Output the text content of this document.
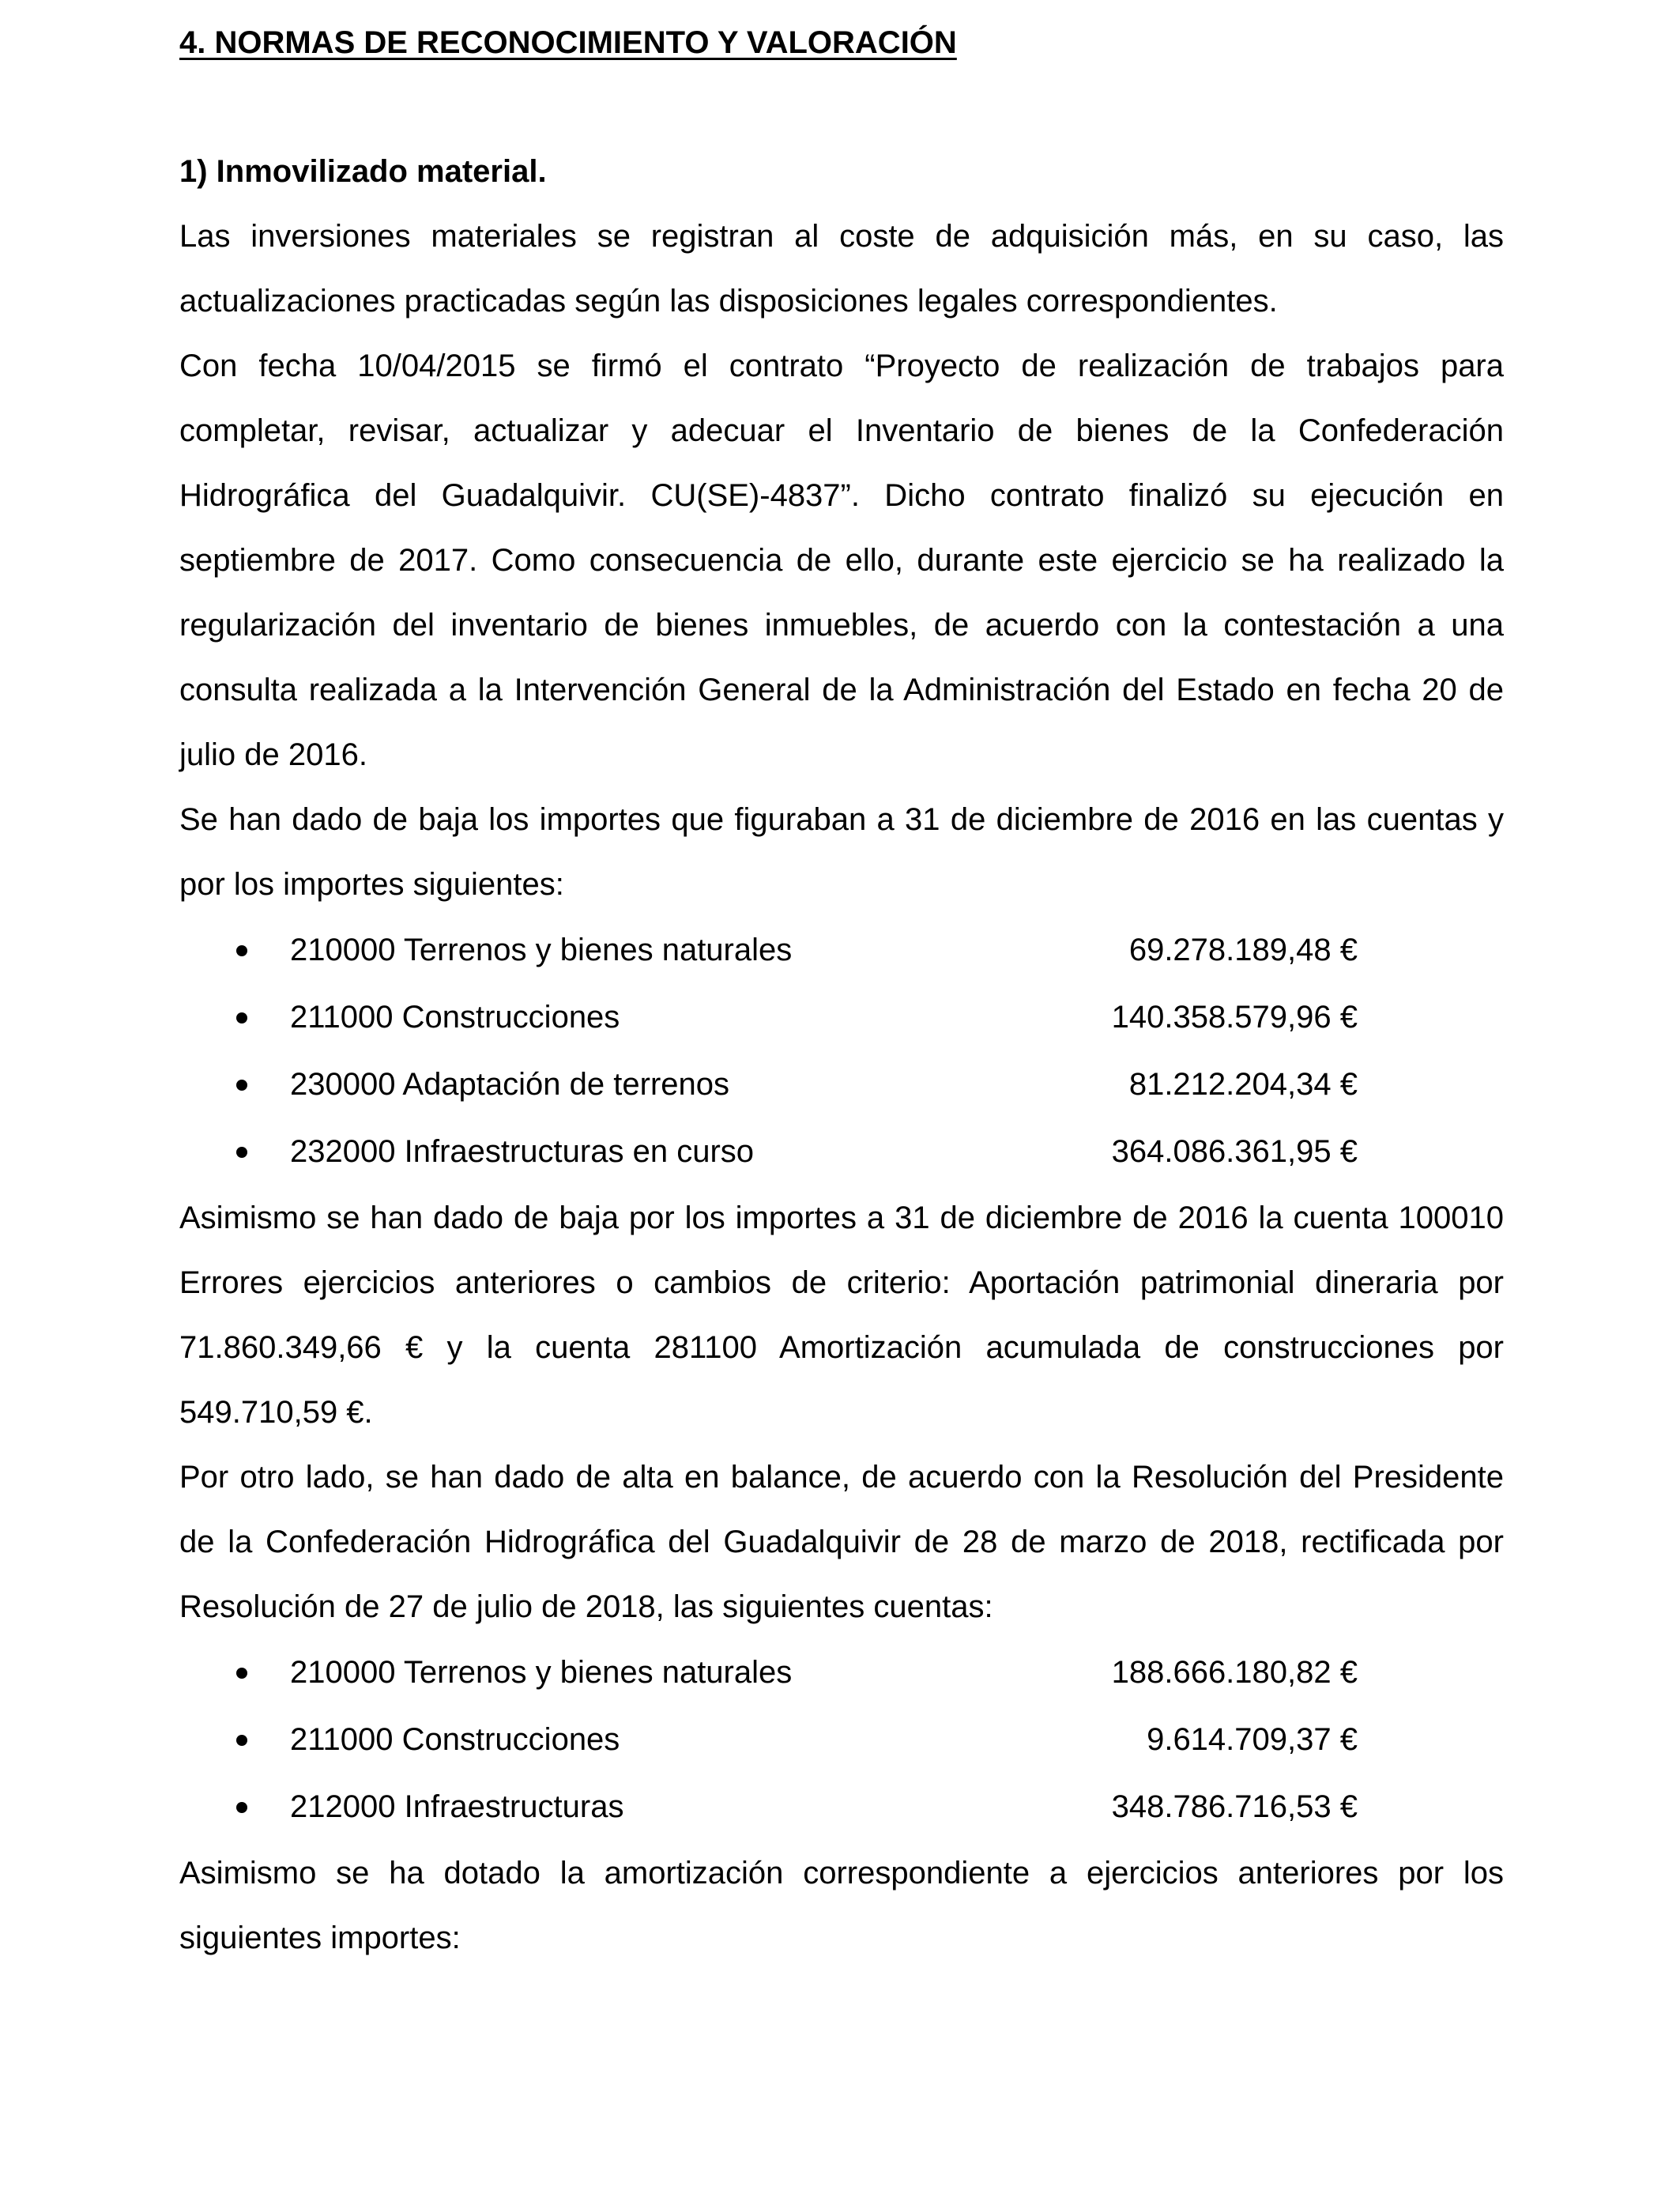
4. NORMAS DE RECONOCIMIENTO Y VALORACIÓN
1) Inmovilizado material.

Las inversiones materiales se registran al coste de adquisición más, en su caso, las actualizaciones practicadas según las disposiciones legales correspondientes.

Con fecha 10/04/2015 se firmó el contrato “Proyecto de realización de trabajos para completar, revisar, actualizar y adecuar el Inventario de bienes de la Confederación Hidrográfica del Guadalquivir. CU(SE)-4837”. Dicho contrato finalizó su ejecución en septiembre de 2017. Como consecuencia de ello, durante este ejercicio se ha realizado la regularización del inventario de bienes inmuebles, de acuerdo con la contestación a una consulta realizada a la Intervención General de la Administración del Estado en fecha 20 de julio de 2016.

Se han dado de baja los importes que figuraban a 31 de diciembre de 2016 en las cuentas y por los importes siguientes:

210000 Terrenos y bienes naturales	69.278.189,48 €
211000 Construcciones	140.358.579,96 €
230000 Adaptación de terrenos	81.212.204,34 €
232000 Infraestructuras en curso	364.086.361,95 €

Asimismo se han dado de baja por los importes a 31 de diciembre de 2016 la cuenta 100010 Errores ejercicios anteriores o cambios de criterio: Aportación patrimonial dineraria por 71.860.349,66 € y la cuenta 281100 Amortización acumulada de construcciones por 549.710,59 €.

Por otro lado, se han dado de alta en balance, de acuerdo con la Resolución del Presidente de la Confederación Hidrográfica del Guadalquivir de 28 de marzo de 2018, rectificada por Resolución de 27 de julio de 2018, las siguientes cuentas:

210000 Terrenos y bienes naturales	188.666.180,82 €
211000 Construcciones	9.614.709,37 €
212000 Infraestructuras	348.786.716,53 €

Asimismo se ha dotado la amortización correspondiente a ejercicios anteriores por los siguientes importes:
